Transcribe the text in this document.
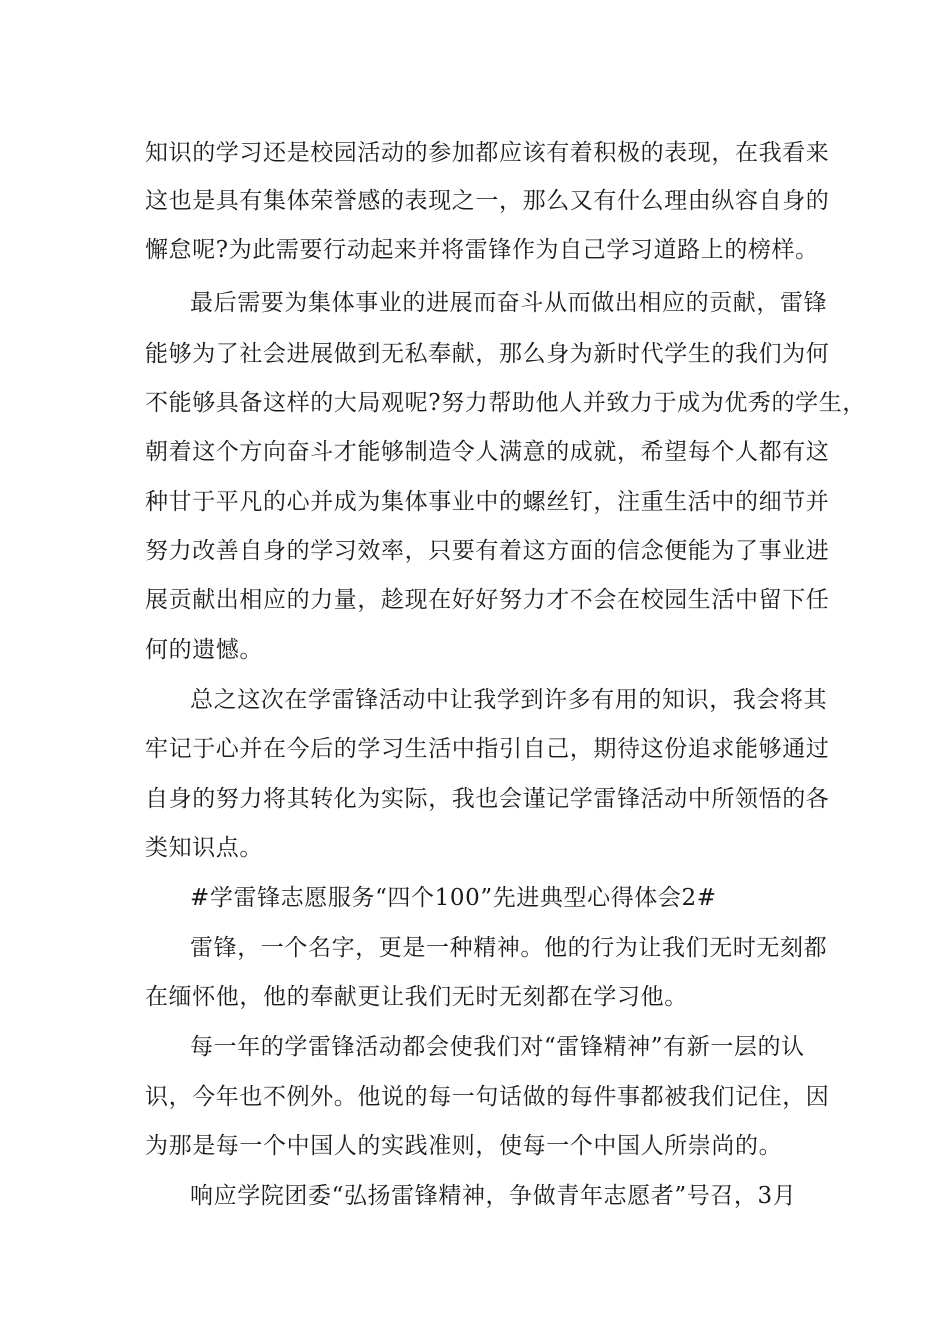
知识的学习还是校园活动的参加都应该有着积极的表现，在我看来
这也是具有集体荣誉感的表现之一，那么又有什么理由纵容自身的
懈怠呢?为此需要行动起来并将雷锋作为自己学习道路上的榜样。
最后需要为集体事业的进展而奋斗从而做出相应的贡献，雷锋
能够为了社会进展做到无私奉献，那么身为新时代学生的我们为何
不能够具备这样的大局观呢?努力帮助他人并致力于成为优秀的学生，
朝着这个方向奋斗才能够制造令人满意的成就，希望每个人都有这
种甘于平凡的心并成为集体事业中的螺丝钉，注重生活中的细节并
努力改善自身的学习效率，只要有着这方面的信念便能为了事业进
展贡献出相应的力量，趁现在好好努力才不会在校园生活中留下任
何的遗憾。
总之这次在学雷锋活动中让我学到许多有用的知识，我会将其
牢记于心并在今后的学习生活中指引自己，期待这份追求能够通过
自身的努力将其转化为实际，我也会谨记学雷锋活动中所领悟的各
类知识点。
#学雷锋志愿服务“四个100”先进典型心得体会2#
雷锋，一个名字，更是一种精神。他的行为让我们无时无刻都
在缅怀他，他的奉献更让我们无时无刻都在学习他。
每一年的学雷锋活动都会使我们对“雷锋精神”有新一层的认
识，今年也不例外。他说的每一句话做的每件事都被我们记住，因
为那是每一个中国人的实践准则，使每一个中国人所崇尚的。
响应学院团委“弘扬雷锋精神，争做青年志愿者”号召，3月
